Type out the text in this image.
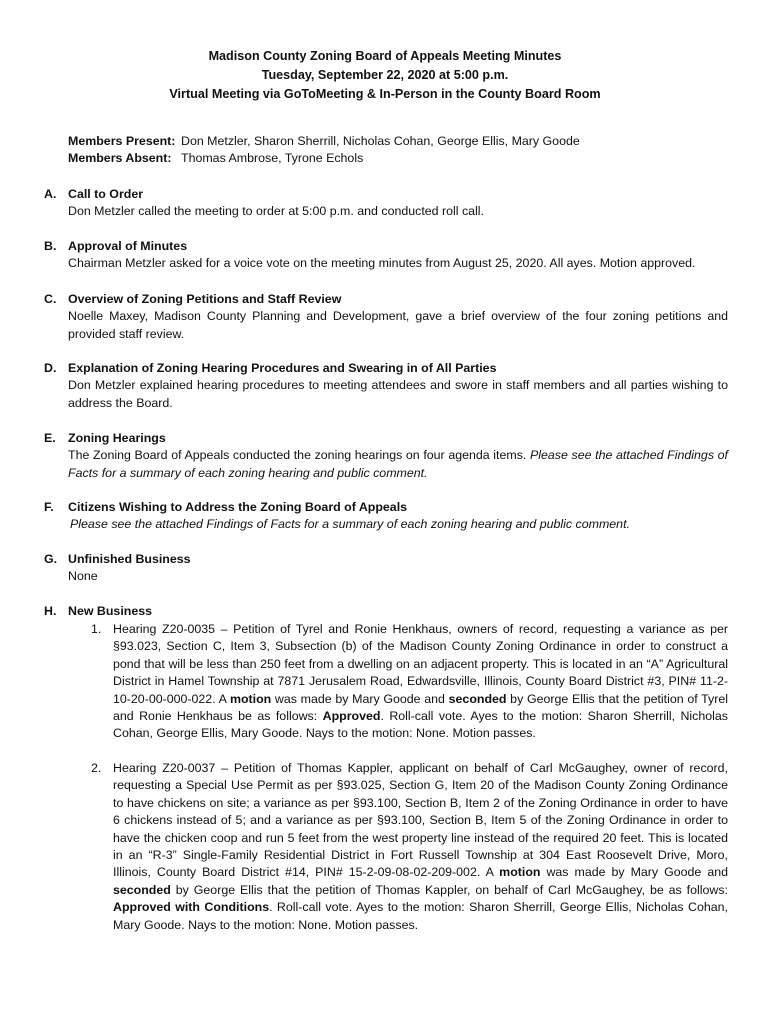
Madison County Zoning Board of Appeals Meeting Minutes
Tuesday, September 22, 2020 at 5:00 p.m.
Virtual Meeting via GoToMeeting & In-Person in the County Board Room
Members Present: Don Metzler, Sharon Sherrill, Nicholas Cohan, George Ellis, Mary Goode
Members Absent: Thomas Ambrose, Tyrone Echols
A. Call to Order
Don Metzler called the meeting to order at 5:00 p.m. and conducted roll call.
B. Approval of Minutes
Chairman Metzler asked for a voice vote on the meeting minutes from August 25, 2020. All ayes. Motion approved.
C. Overview of Zoning Petitions and Staff Review
Noelle Maxey, Madison County Planning and Development, gave a brief overview of the four zoning petitions and provided staff review.
D. Explanation of Zoning Hearing Procedures and Swearing in of All Parties
Don Metzler explained hearing procedures to meeting attendees and swore in staff members and all parties wishing to address the Board.
E. Zoning Hearings
The Zoning Board of Appeals conducted the zoning hearings on four agenda items. Please see the attached Findings of Facts for a summary of each zoning hearing and public comment.
F.	Citizens Wishing to Address the Zoning Board of Appeals
Please see the attached Findings of Facts for a summary of each zoning hearing and public comment.
G. Unfinished Business
None
H. New Business
1. Hearing Z20-0035 – Petition of Tyrel and Ronie Henkhaus, owners of record, requesting a variance as per §93.023, Section C, Item 3, Subsection (b) of the Madison County Zoning Ordinance in order to construct a pond that will be less than 250 feet from a dwelling on an adjacent property. This is located in an “A” Agricultural District in Hamel Township at 7871 Jerusalem Road, Edwardsville, Illinois, County Board District #3, PIN# 11-2-10-20-00-000-022. A motion was made by Mary Goode and seconded by George Ellis that the petition of Tyrel and Ronie Henkhaus be as follows: Approved. Roll-call vote. Ayes to the motion: Sharon Sherrill, Nicholas Cohan, George Ellis, Mary Goode. Nays to the motion: None. Motion passes.
2. Hearing Z20-0037 – Petition of Thomas Kappler, applicant on behalf of Carl McGaughey, owner of record, requesting a Special Use Permit as per §93.025, Section G, Item 20 of the Madison County Zoning Ordinance to have chickens on site; a variance as per §93.100, Section B, Item 2 of the Zoning Ordinance in order to have 6 chickens instead of 5; and a variance as per §93.100, Section B, Item 5 of the Zoning Ordinance in order to have the chicken coop and run 5 feet from the west property line instead of the required 20 feet. This is located in an “R-3” Single-Family Residential District in Fort Russell Township at 304 East Roosevelt Drive, Moro, Illinois, County Board District #14, PIN# 15-2-09-08-02-209-002. A motion was made by Mary Goode and seconded by George Ellis that the petition of Thomas Kappler, on behalf of Carl McGaughey, be as follows: Approved with Conditions. Roll-call vote. Ayes to the motion: Sharon Sherrill, George Ellis, Nicholas Cohan, Mary Goode. Nays to the motion: None. Motion passes.
